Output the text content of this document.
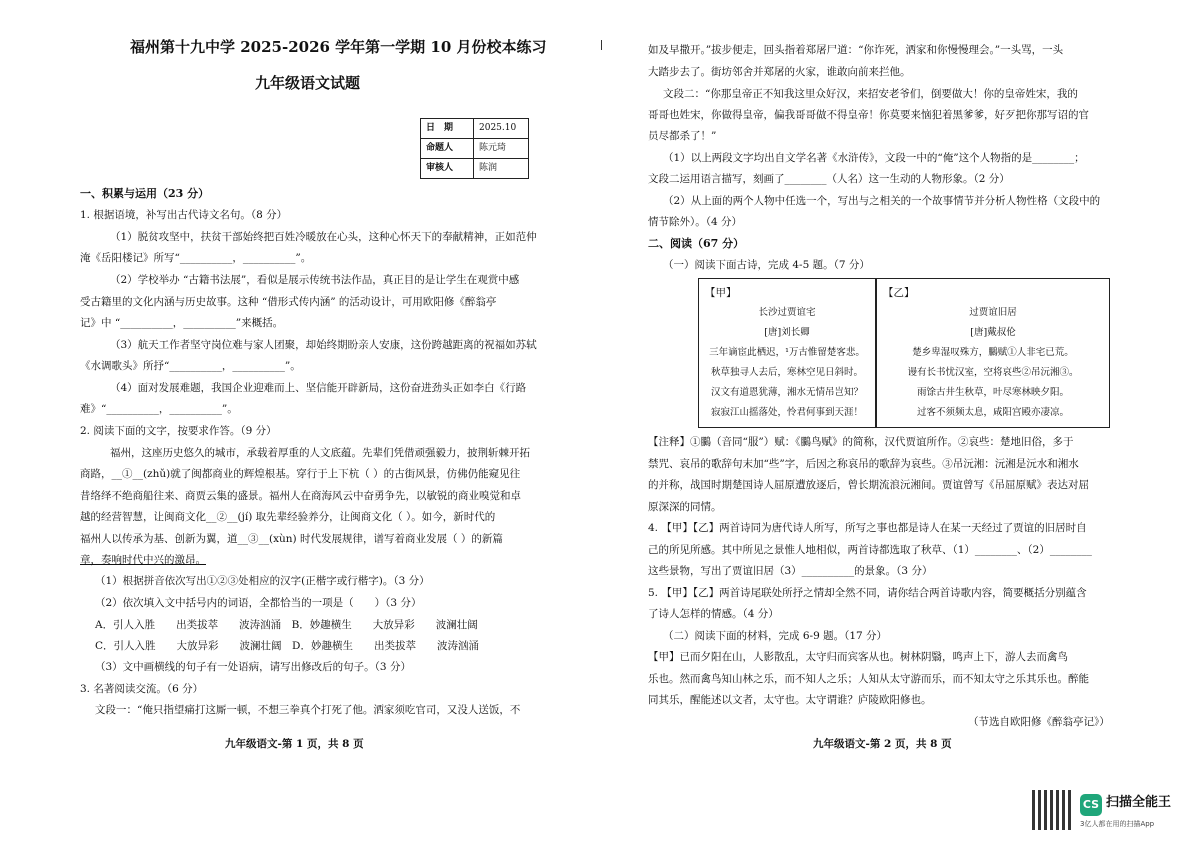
福州第十九中学 2025-2026 学年第一学期 10 月份校本练习
九年级语文试题
日　期	2025.10
命题人	陈元琦
审核人	陈润
一、积累与运用（23 分）
1. 根据语境，补写出古代诗文名句。（8 分）
（1）脱贫攻坚中，扶贫干部始终把百姓冷暖放在心头，这种心怀天下的奉献精神，正如范仲
淹《岳阳楼记》所写“__________，__________”。
（2）学校举办 “古籍书法展”，看似是展示传统书法作品，真正目的是让学生在观赏中感
受古籍里的文化内涵与历史故事。这种 “借形式传内涵” 的活动设计，可用欧阳修《醉翁亭
记》中 “__________，__________”来概括。
（3）航天工作者坚守岗位难与家人团聚，却始终期盼亲人安康，这份跨越距离的祝福如苏轼
《水调歌头》所抒“__________，__________”。
（4）面对发展难题，我国企业迎难而上、坚信能开辟新局，这份奋进劲头正如李白《行路
难》“__________，__________”。
2. 阅读下面的文字，按要求作答。（9 分）
福州，这座历史悠久的城市，承载着厚重的人文底蕴。先辈们凭借顽强毅力，披荆斩棘开拓
商路，__①__(zhǔ)就了闽都商业的辉煌根基。穿行于上下杭（ ）的古街风景，仿佛仍能窥见往
昔络绎不绝商船往来、商贾云集的盛景。福州人在商海风云中奋勇争先，以敏锐的商业嗅觉和卓
越的经营智慧，让闽商文化__②__(jí) 取先辈经验养分，让闽商文化（ ）。如今，新时代的
福州人以传承为基、创新为翼，道__③__(xùn) 时代发展规律，谱写着商业发展（ ）的新篇
章，奏响时代中兴的激昂。
（1）根据拼音依次写出①②③处相应的汉字(正楷字或行楷字)。（3 分）
（2）依次填入文中括号内的词语，全都恰当的一项是（　　）（3 分）
A．引人入胜　　出类拔萃　　波涛汹涌　B．妙趣横生　　大放异彩　　波澜壮阔
C．引人入胜　　大放异彩　　波澜壮阔　D．妙趣横生　　出类拔萃　　波涛汹涌
（3）文中画横线的句子有一处语病，请写出修改后的句子。（3 分）
3. 名著阅读交流。（6 分）
文段一：“俺只指望痛打这厮一顿，不想三拳真个打死了他。洒家须吃官司，又没人送饭，不
九年级语文-第 1 页，共 8 页
如及早撒开。”拔步便走，回头指着郑屠尸道：“你诈死，洒家和你慢慢理会。”一头骂，一头
大踏步去了。街坊邻舍并郑屠的火家，谁敢向前来拦他。
文段二：“你那皇帝正不知我这里众好汉，来招安老爷们，倒要做大！你的皇帝姓宋，我的
哥哥也姓宋，你做得皇帝，偏我哥哥做不得皇帝！你莫要来恼犯着黑爹爹，好歹把你那写诏的官
员尽都杀了！”
（1）以上两段文字均出自文学名著《水浒传》，文段一中的“俺”这个人物指的是________；
文段二运用语言描写，刻画了________（人名）这一生动的人物形象。（2 分）
（2）从上面的两个人物中任选一个，写出与之相关的一个故事情节并分析人物性格（文段中的
情节除外）。（4 分）
二、阅读（67 分）
（一）阅读下面古诗，完成 4-5 题。（7 分）
【甲】
长沙过贾谊宅
[唐]刘长卿
三年谪宦此栖迟，¹万古惟留楚客悲。
秋草独寻人去后，寒林空见日斜时。
汉文有道恩犹薄，湘水无情吊岂知？
寂寂江山摇落处，怜君何事到天涯！
【乙】
过贾谊旧居
[唐]戴叔伦
楚乡卑湿叹殊方，鵩赋①人非宅已荒。
谩有长书忧汉室，空将哀些②吊沅湘③。
雨馀古井生秋草，叶尽寒林映夕阳。
过客不须频太息，咸阳宫殿亦凄凉。
【注释】①鵩（音同“服”）赋：《鵩鸟赋》的简称，汉代贾谊所作。②哀些：楚地旧俗，多于
禁咒、哀吊的歌辞句末加“些”字，后因之称哀吊的歌辞为哀些。③吊沅湘：沅湘是沅水和湘水
的并称，战国时期楚国诗人屈原遭放逐后，曾长期流浪沅湘间。贾谊曾写《吊屈原赋》表达对屈
原深深的同情。
4. 【甲】【乙】两首诗同为唐代诗人所写，所写之事也都是诗人在某一天经过了贾谊的旧居时自
己的所见所感。其中所见之景惟人地相似，两首诗都选取了秋草、（1）________、（2）________
这些景物，写出了贾谊旧居（3）__________的景象。（3 分）
5. 【甲】【乙】两首诗尾联处所抒之情却全然不同，请你结合两首诗歌内容，简要概括分别蕴含
了诗人怎样的情感。（4 分）
（二）阅读下面的材料，完成 6-9 题。（17 分）
【甲】已而夕阳在山，人影散乱，太守归而宾客从也。树林阴翳，鸣声上下，游人去而禽鸟
乐也。然而禽鸟知山林之乐，而不知人之乐；人知从太守游而乐，而不知太守之乐其乐也。醉能
同其乐，醒能述以文者，太守也。太守谓谁？庐陵欧阳修也。
（节选自欧阳修《醉翁亭记》）
九年级语文-第 2 页，共 8 页
CS 扫描全能王
3亿人都在用的扫描App
